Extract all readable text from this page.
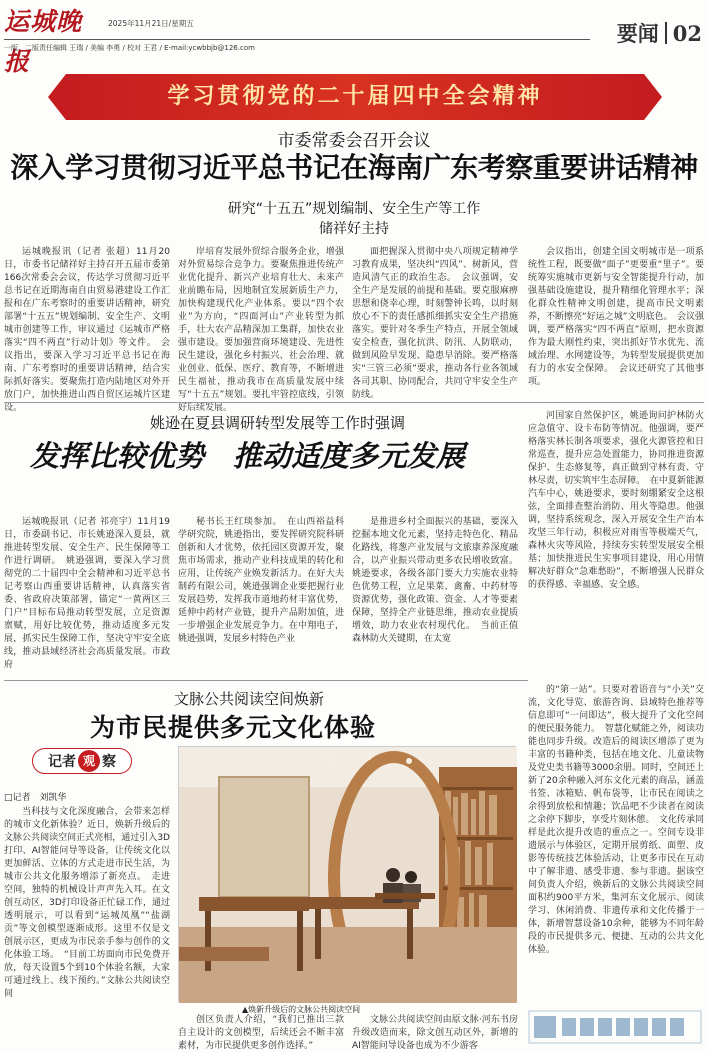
运城晚报
2025年11月21日/星期五	要闻 02
一版、二版责任编辑 王瑞 / 美编 李勇 / 校对 王君 / E-mail:ycwbbjb@126.com
学习贯彻党的二十届四中全会精神
市委常委会召开会议
深入学习贯彻习近平总书记在海南广东考察重要讲话精神
研究“十五五”规划编制、安全生产等工作
储祥好主持

运城晚报讯（记者 张超）11月20日，市委书记储祥好主持召开五届市委第166次常委会会议，传达学习贯彻习近平总书记在近期海南自由贸易港建设工作汇报和在广东考察时的重要讲话精神，研究部署“十五五”规划编制、安全生产、文明城市创建等工作，审议通过《运城市严格落实“四不两直”行动计划》等文件。　会议指出，要深入学习习近平总书记在海南、广东考察时的重要讲话精神，结合实际抓好落实。要聚焦打造内陆地区对外开放门户，加快推进山西自贸区运城片区建设。

岸培育发展外贸综合服务企业，增强对外贸易综合竞争力。要聚焦推进传统产业优化提升、新兴产业培育壮大、未来产业前瞻布局，因地制宜发展新质生产力，加快构建现代化产业体系。要以“四个农业”为方向，“四面河山”产业转型为抓手，壮大农产品精深加工集群，加快农业强市建设。要加强营商环境建设、先进性民生建设，强化乡村振兴、社会治理、就业创业、低保、医疗、教育等，不断增进民生福祉，推动我市在高质量发展中续写“十五五”规划。要扎牢管控底线，引领好后续发展。

面把握深入贯彻中央八项规定精神学习教育成果，坚决纠“四风”、树新风，营造风清气正的政治生态。　会议强调，安全生产是发展的前提和基础。要克服麻痹思想和侥幸心理，时刻警钟长鸣，以时刻放心不下的责任感抓细抓实安全生产措施落实。要针对冬季生产特点，开展全领域安全检查，强化抗洪、防汛、人防联动，做到风险早发现、隐患早消除。要严格落实“三管三必须”要求，推动各行业各领域各司其职、协同配合，共同守牢安全生产防线。

会议指出，创建全国文明城市是一项系统性工程，既要做“面子”更要重“里子”。要统筹实施城市更新与安全智能提升行动，加强基础设施建设，提升精细化管理水平；深化群众性精神文明创建，提高市民文明素养，不断擦亮“好运之城”文明底色。　会议强调，要严格落实“四不两直”原则，把水资源作为最大刚性约束，突出抓好节水优先、流域治理、水网建设等，为转型发展提供更加有力的水安全保障。　会议还研究了其他事项。

姚逊在夏县调研转型发展等工作时强调
发挥比较优势　推动适度多元发展

运城晚报讯（记者 祁亮宇）11月19日，市委副书记、市长姚逊深入夏县，就推进转型发展、安全生产、民生保障等工作进行调研。　姚逊强调，要深入学习贯彻党的二十届四中全会精神和习近平总书记考察山西重要讲话精神，认真落实省委、省政府决策部署，锚定“一黄两区三门户”目标布局推动转型发展，立足资源禀赋，用好比较优势，推动适度多元发展，抓实民生保障工作，坚决守牢安全底线，推动县域经济社会高质量发展。市政府

秘书长王红琰参加。　在山西裕益科学研究院，姚逊指出，要发挥研究院科研创新和人才优势，依托园区资源开发，聚焦市场需求，推动产业科技成果的转化和应用，让传统产业焕发新活力。在好大夫制药有限公司，姚逊强调企业要把握行业发展趋势，发挥我市道地药材丰富优势，延伸中药材产业链，提升产品附加值，进一步增强企业发展竞争力。在中翔电子，姚逊强调，发展乡村特色产业

是推进乡村全面振兴的基础，要深入挖掘本地文化元素，坚持走特色化、精品化路线，将葱产业发展与文旅康养深度融合，以产业振兴带动更多农民增收致富。姚逊要求，各级各部门要大力实施农业特色优势工程，立足果菜、禽畜、中药材等资源优势，强化政策、资金、人才等要素保障，坚持全产业链思维，推动农业提质增效，助力农业农村现代化。　当前正值森林防火关键期，在太宽

河国家自然保护区，姚逊询问护林防火应急值守、设卡布防等情况。他强调，要严格落实林长制各项要求，强化火源管控和日常巡查，提升应急处置能力，协同推进资源保护、生态修复等，真正做到守林有责、守林尽责，切实筑牢生态屏障。　在中夏新能源汽车中心，姚逊要求，要时刻绷紧安全这根弦，全面排查整治消防、用火等隐患。他强调，坚持系统观念，深入开展安全生产治本攻坚三年行动，积极应对雨雪等极端天气，森林火灾等风险，持续夯实转型发展安全根基；加快推进民生实事项目建设，用心用情解决好群众“急难愁盼”，不断增强人民群众的获得感、幸福感、安全感。

文脉公共阅读空间焕新
为市民提供多元文化体验
记者 观 察
□记者　刘凯华

当科技与文化深度融合，会带来怎样的城市文化新体验？近日，焕新升级后的文脉公共阅读空间正式亮相，通过引入3D打印、AI智能问导等设备，让传统文化以更加鲜活、立体的方式走进市民生活，为城市公共文化服务增添了新亮点。　走进空间，独特的机械设计声声先入耳。在文创互动区，3D打印设备正忙碌工作，通过透明展示，可以看到“运城凤凰”“盐湖贡”等文创模型逐渐成形。这里不仅是文创展示区，更成为市民亲手参与创作的文化体验工场。　“目前工坊面向市民免费开放，每天设置5个到10个体验名额，大家可通过线上、线下预约。”文脉公共阅读空间

▲焕新升级后的文脉公共阅读空间

创区负责人介绍，“我们已推出三款自主设计的文创模型，后续还会不断丰富素材，为市民提供更多创作选择。”

文脉公共阅读空间由原文脉·河东书房升级改造而来，除文创互动区外，新增的AI智能问导设备也成为不少游客

的“第一站”。只要对着语音与“小关”交流，文化导览、旅游咨询、县域特色推荐等信息即可“一问即达”，极大提升了文化空间的便民服务能力。　智慧化赋能之外，阅读功能也同步升级。改造后的阅读区增添了更为丰富的书籍种类，包括在地文化、儿童读物及党史类书籍等3000余册。同时，空间还上新了20余种融入河东文化元素的商品，涵盖书签、冰箱贴、帆布袋等，让市民在阅读之余得到放松和情趣；饮品吧不少读者在阅读之余停下脚步，享受片刻休憩。　文化传承同样是此次提升改造的重点之一。空间专设非遗展示与体验区，定期开展剪纸、面塑、皮影等传统技艺体验活动，让更多市民在互动中了解非遗、感受非遗、参与非遗。据该空间负责人介绍，焕新后的文脉公共阅读空间面积约900平方米，集河东文化展示、阅读学习、休闲消费、非遗传承和文化传播于一体，新增智慧设备10余种，能够为不同年龄段的市民提供多元、便捷、互动的公共文化体验。
